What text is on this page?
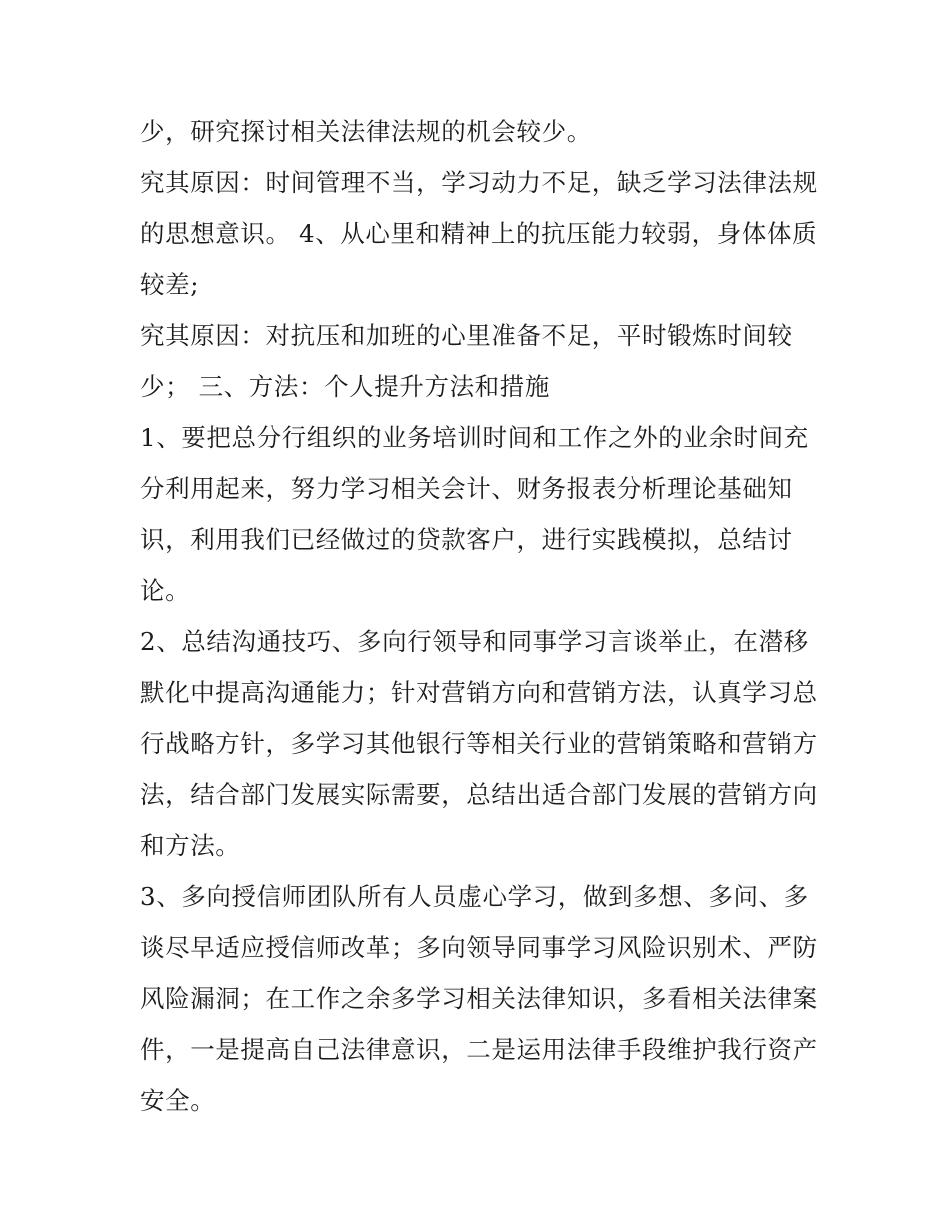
少，研究探讨相关法律法规的机会较少。
究其原因：时间管理不当，学习动力不足，缺乏学习法律法规
的思想意识。 4、从心里和精神上的抗压能力较弱，身体体质
较差;
究其原因：对抗压和加班的心里准备不足，平时锻炼时间较
少； 三、方法：个人提升方法和措施
1、要把总分行组织的业务培训时间和工作之外的业余时间充
分利用起来，努力学习相关会计、财务报表分析理论基础知
识，利用我们已经做过的贷款客户，进行实践模拟，总结讨
论。
2、总结沟通技巧、多向行领导和同事学习言谈举止，在潜移
默化中提高沟通能力；针对营销方向和营销方法，认真学习总
行战略方针，多学习其他银行等相关行业的营销策略和营销方
法，结合部门发展实际需要，总结出适合部门发展的营销方向
和方法。
3、多向授信师团队所有人员虚心学习，做到多想、多问、多
谈尽早适应授信师改革；多向领导同事学习风险识别术、严防
风险漏洞；在工作之余多学习相关法律知识，多看相关法律案
件，一是提高自己法律意识，二是运用法律手段维护我行资产
安全。
